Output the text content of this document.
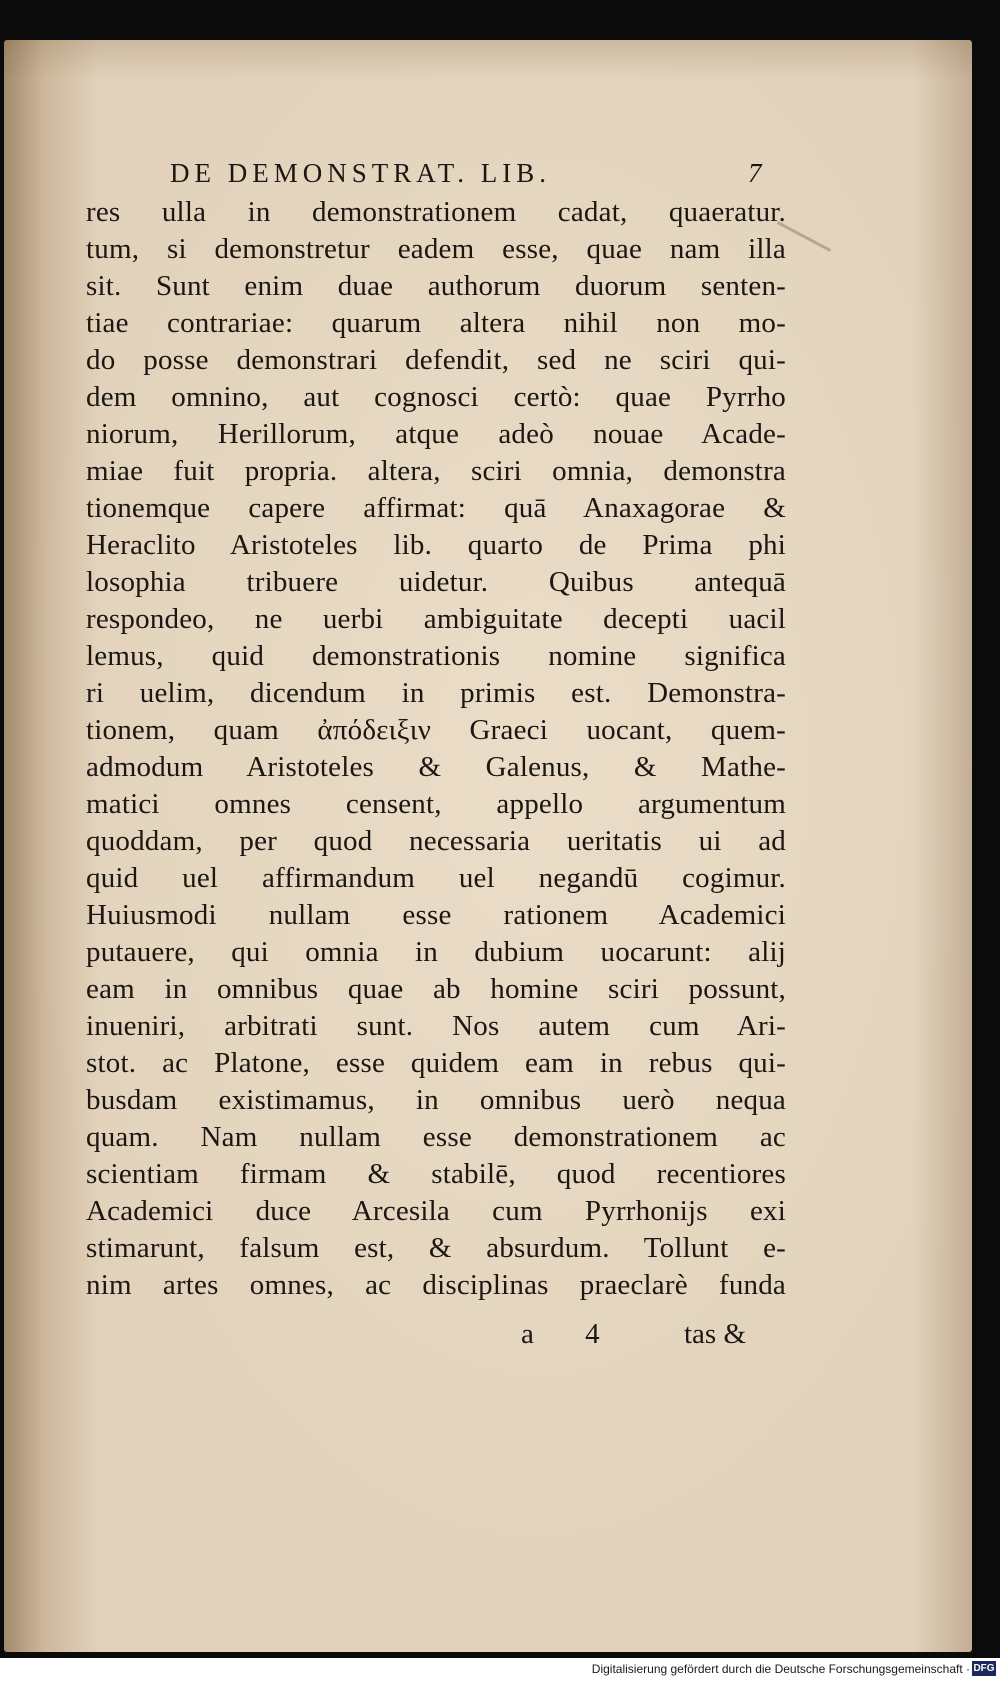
DE DEMONSTRAT. LIB.	7
res ulla in demonstrationem cadat, quaeratur.
tum, si demonstretur eadem esse, quae nam illa
sit. Sunt enim duae authorum duorum senten-
tiae contrariae: quarum altera nihil non mo-
do posse demonstrari defendit, sed ne sciri qui-
dem omnino, aut cognosci certò: quae Pyrrho
niorum, Herillorum, atque adeò nouae Acade-
miae fuit propria. altera, sciri omnia, demonstra
tionemque capere affirmat: quā Anaxagorae &
Heraclito Aristoteles lib. quarto de Prima phi
losophia tribuere uidetur. Quibus antequā
respondeo, ne uerbi ambiguitate decepti uacil
lemus, quid demonstrationis nomine significa
ri uelim, dicendum in primis est. Demonstra-
tionem, quam ἀπόδειξιν Graeci uocant, quem-
admodum Aristoteles & Galenus, & Mathe-
matici omnes censent, appello argumentum
quoddam, per quod necessaria ueritatis ui ad
quid uel affirmandum uel negandū cogimur.
Huiusmodi nullam esse rationem Academici
putauere, qui omnia in dubium uocarunt: alij
eam in omnibus quae ab homine sciri possunt,
inueniri, arbitrati sunt. Nos autem cum Ari-
stot. ac Platone, esse quidem eam in rebus qui-
busdam existimamus, in omnibus uerò nequa
quam. Nam nullam esse demonstrationem ac
scientiam firmam & stabilē, quod recentiores
Academici duce Arcesila cum Pyrrhonijs exi
stimarunt, falsum est, & absurdum. Tollunt e-
nim artes omnes, ac disciplinas praeclarè funda
a 4 tas &
Digitalisierung gefördert durch die Deutsche Forschungsgemeinschaft · DFG
